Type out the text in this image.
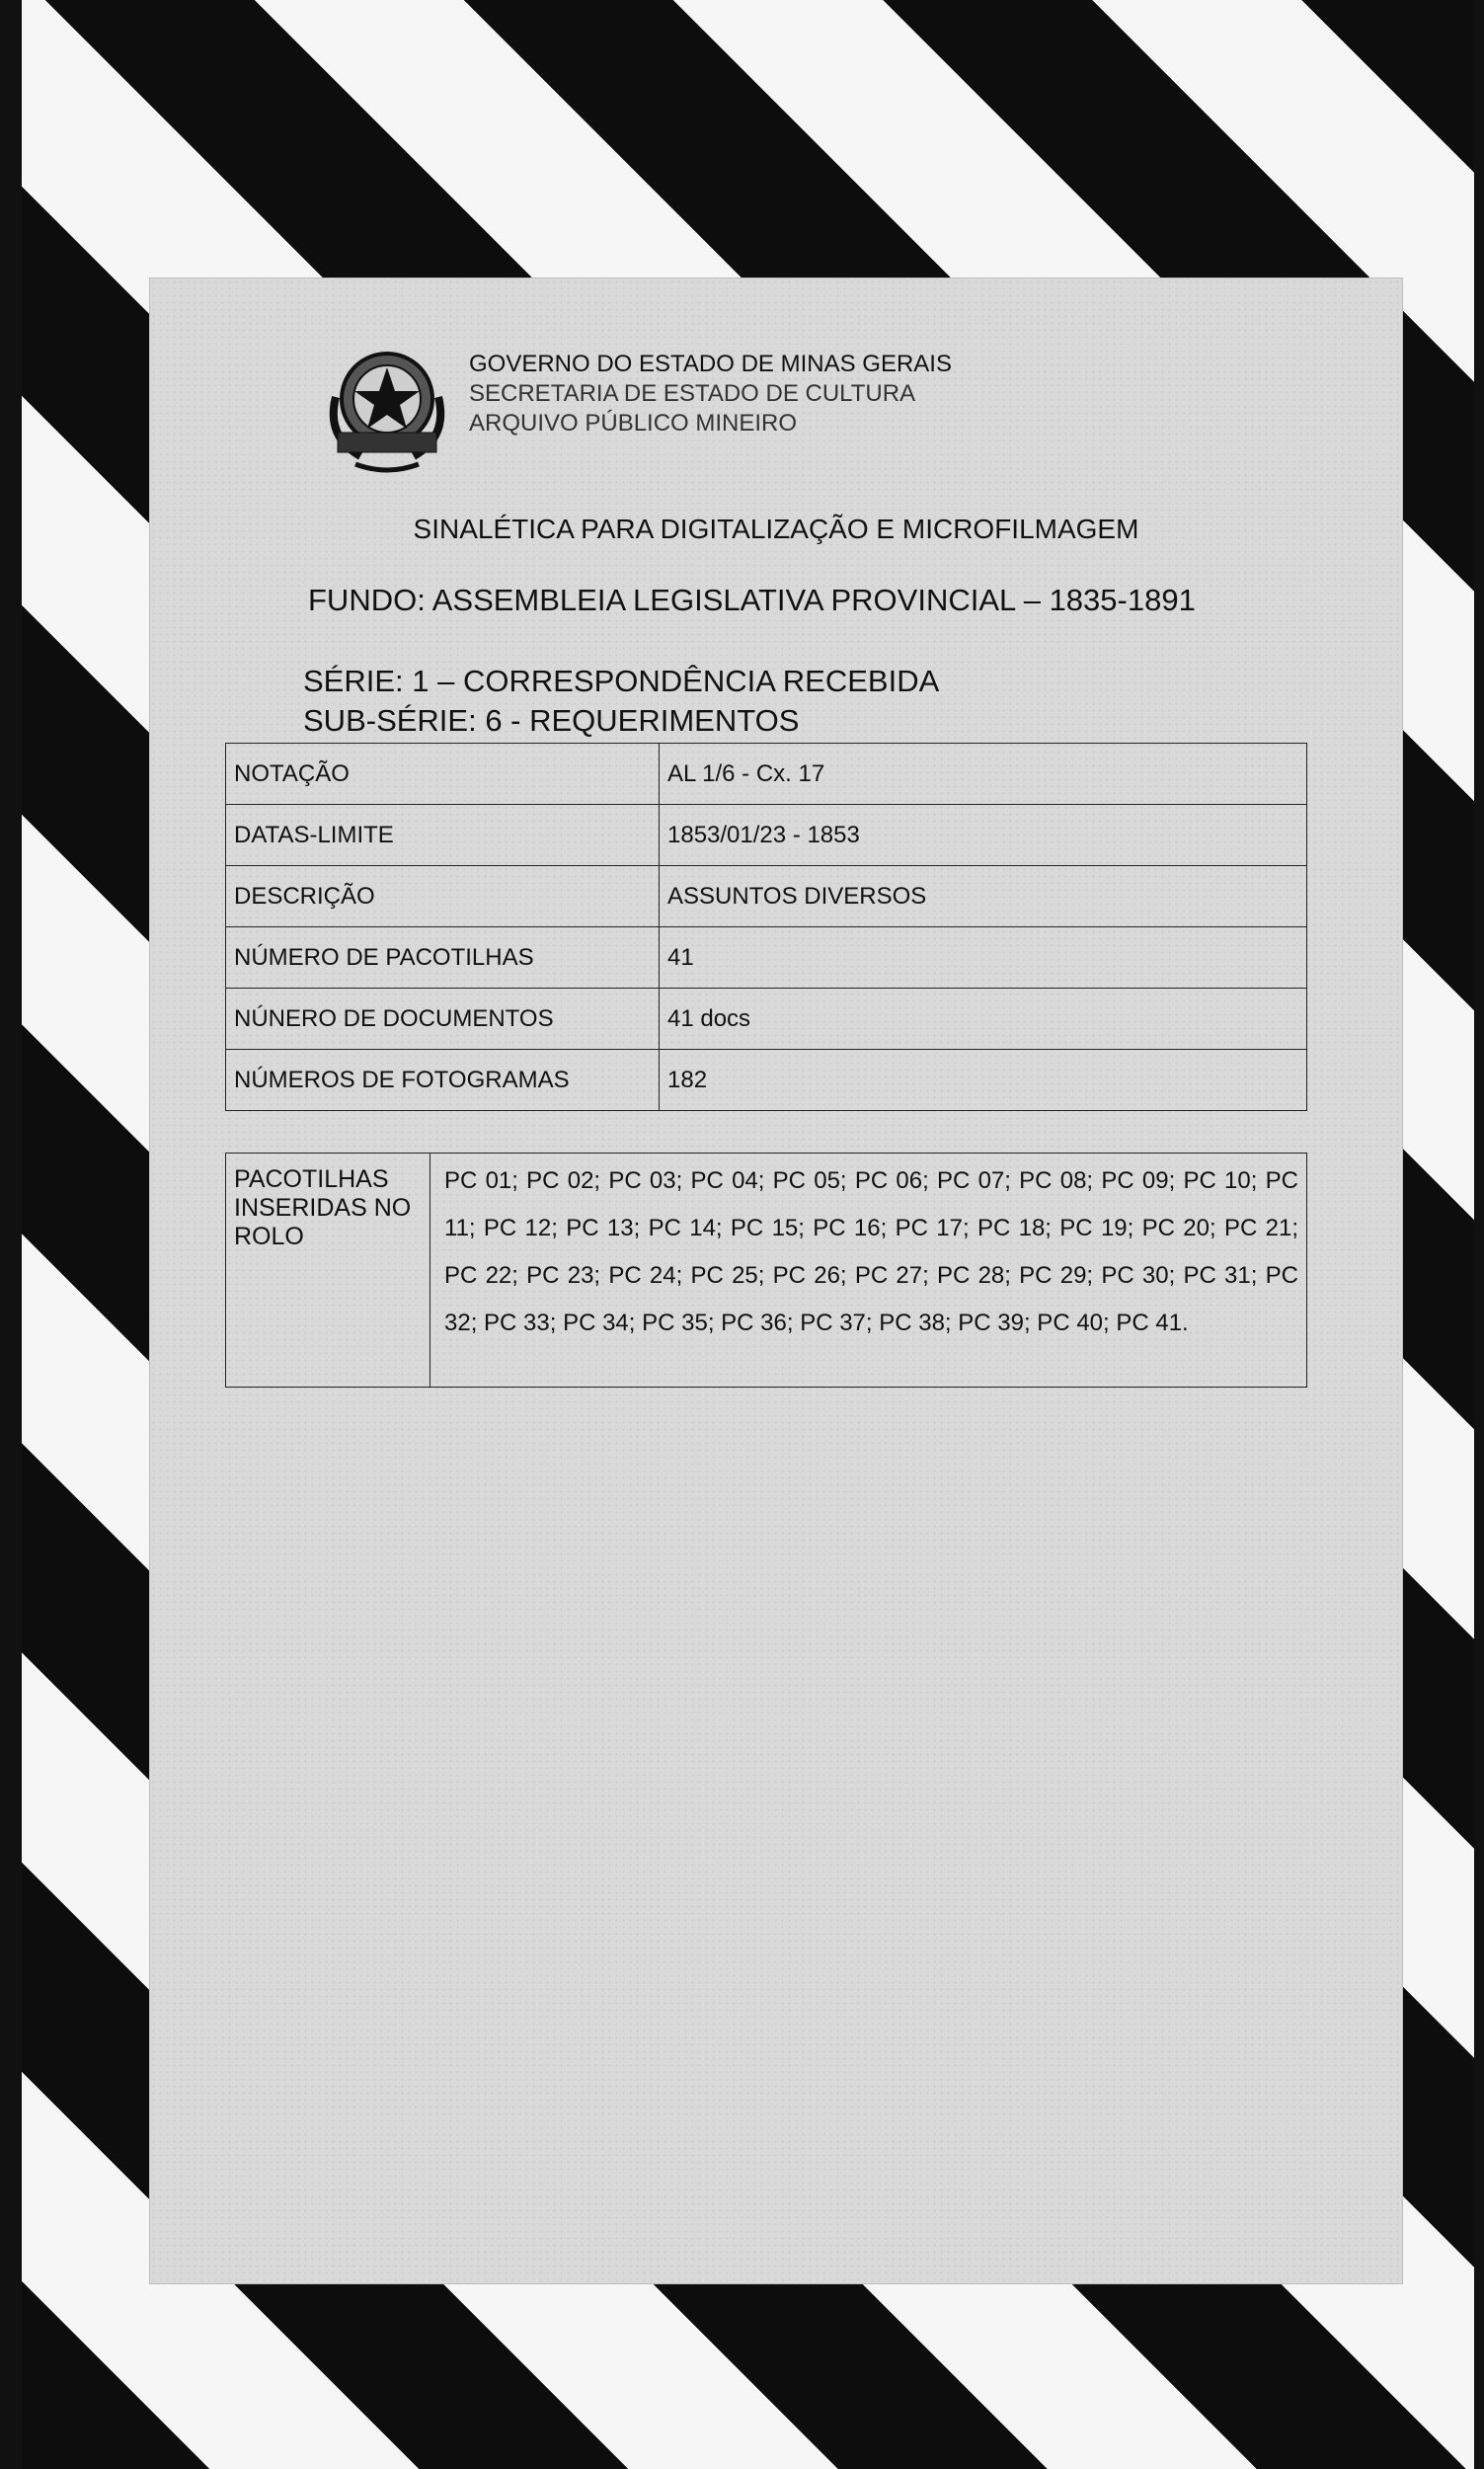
GOVERNO DO ESTADO DE MINAS GERAIS
SECRETARIA DE ESTADO DE CULTURA
ARQUIVO PÚBLICO MINEIRO
SINALÉTICA PARA DIGITALIZAÇÃO E MICROFILMAGEM
FUNDO: ASSEMBLEIA LEGISLATIVA PROVINCIAL – 1835-1891
SÉRIE: 1 – CORRESPONDÊNCIA RECEBIDA
SUB-SÉRIE: 6 - REQUERIMENTOS
NOTAÇÃO	AL 1/6 - Cx. 17
DATAS-LIMITE	1853/01/23 - 1853
DESCRIÇÃO	ASSUNTOS DIVERSOS
NÚMERO DE PACOTILHAS	41
NÚNERO DE DOCUMENTOS	41 docs
NÚMEROS DE FOTOGRAMAS	182
PACOTILHAS
INSERIDAS NO
ROLO
	PC 01; PC 02; PC 03; PC 04; PC 05; PC 06; PC 07; PC 08; PC 09; PC 10; PC 11; PC 12; PC 13; PC 14; PC 15; PC 16; PC 17; PC 18; PC 19; PC 20; PC 21; PC 22; PC 23; PC 24; PC 25; PC 26; PC 27; PC 28; PC 29; PC 30; PC 31; PC 32; PC 33; PC 34; PC 35; PC 36; PC 37; PC 38; PC 39; PC 40; PC 41.
